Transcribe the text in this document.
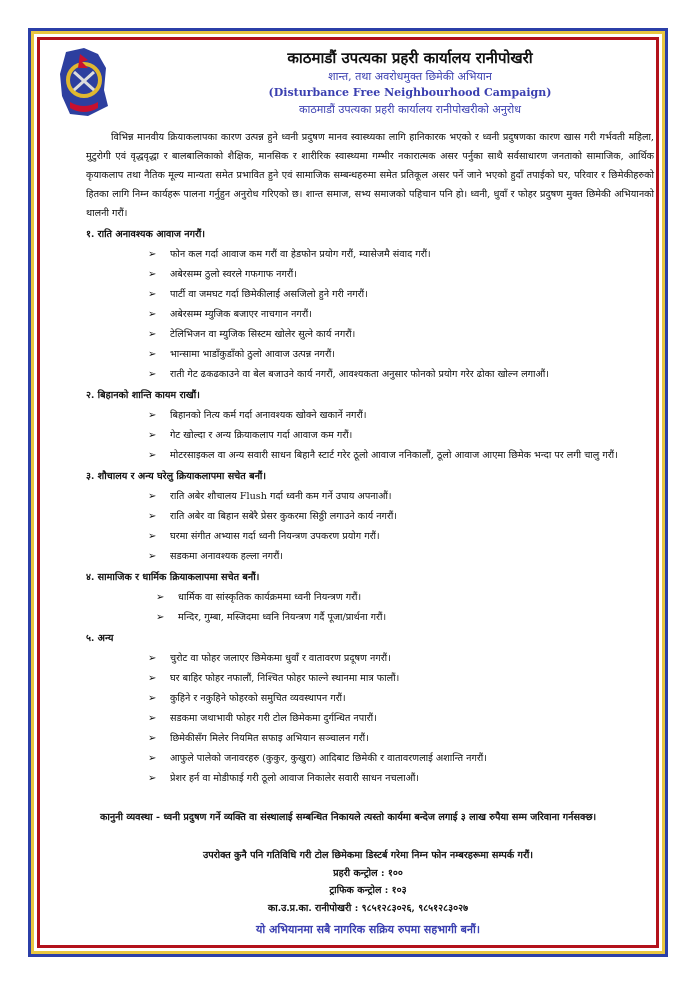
काठमाडौं उपत्यका प्रहरी कार्यालय रानीपोखरी
शान्त, तथा अवरोधमुक्त छिमेकी अभियान
(Disturbance Free Neighbourhood Campaign)
काठमाडौं उपत्यका प्रहरी कार्यालय रानीपोखरीको अनुरोध
विभिन्न मानवीय क्रियाकलापका कारण उत्पन्न हुने ध्वनी प्रदुषण मानव स्वास्थ्यका लागि हानिकारक भएको र ध्वनी प्रदुषणका कारण खास गरी गर्भवती महिला, मुटुरोगी एवं वृद्धवृद्धा र बालबालिकाको शैक्षिक, मानसिक र शारीरिक स्वास्थ्यमा गम्भीर नकारात्मक असर पर्नुका साथै सर्वसाधारण जनताको सामाजिक, आर्थिक कृयाकलाप तथा नैतिक मूल्य मान्यता समेत प्रभावित हुने एवं सामाजिक सम्बन्धहरुमा समेत प्रतिकूल असर पर्ने जाने भएको हुदाँ तपाईको घर, परिवार र छिमेकीहरुको हितका लागि निम्न कार्यहरू पालना गर्नुहुन अनुरोध गरिएको छ। शान्त समाज, सभ्य समाजको पहिचान पनि हो। ध्वनी, धुवाँ र फोहर प्रदुषण मुक्त छिमेकी अभियानको थालनी गरौं।
१. राति अनावश्यक आवाज नगरौं।
➢	फोन कल गर्दा आवाज कम गरौं वा हेडफोन प्रयोग गरौं, म्यासेजमै संवाद गरौं।
➢	अबेरसम्म ठुलो स्वरले गफगाफ नगरौं।
➢	पार्टी वा जमघट गर्दा छिमेकीलाई असजिलो हुने गरी नगरौं।
➢	अबेरसम्म म्युजिक बजाएर नाचगान नगरौं।
➢	टेलिभिजन वा म्युजिक सिस्टम खोलेर सुत्ने कार्य नगरौं।
➢	भान्सामा भाडाँकुडाँको ठुलो आवाज उत्पन्न नगरौं।
➢	राती गेट ढकढकाउने वा बेल बजाउने कार्य नगरौं, आवश्यकता अनुसार फोनको प्रयोग गरेर ढोका खोल्न लगाऔं।
२. बिहानको शान्ति कायम राखौं।
➢	बिहानको नित्य कर्म गर्दा अनावश्यक खोक्ने खकार्ने नगरौं।
➢	गेट खोल्दा र अन्य क्रियाकलाप गर्दा आवाज कम गरौं।
➢	मोटरसाइकल वा अन्य सवारी साधन बिहानै स्टार्ट गरेर ठूलो आवाज ननिकालौं, ठूलो आवाज आएमा छिमेक भन्दा पर लगी चालु गरौं।
३. शौचालय र अन्य घरेलु क्रियाकलापमा सचेत बनौं।
➢	राति अबेर शौचालय Flush गर्दा ध्वनी कम गर्ने उपाय अपनाऔं।
➢	राति अबेर वा बिहान सबेरै प्रेसर कुकरमा सिठ्ठी लगाउने कार्य नगरौं।
➢	घरमा संगीत अभ्यास गर्दा ध्वनी नियन्त्रण उपकरण प्रयोग गरौं।
➢	सडकमा अनावश्यक हल्ला नगरौं।
४. सामाजिक र धार्मिक क्रियाकलापमा सचेत बनौं।
➢	धार्मिक वा सांस्कृतिक कार्यक्रममा ध्वनी नियन्त्रण गरौं।
➢	मन्दिर, गुम्बा, मस्जिदमा ध्वनि नियन्त्रण गर्दै पूजा/प्रार्थना गरौं।
५. अन्य
➢	चुरोट वा फोहर जलाएर छिमेकमा धुवाँ र वातावरण प्रदूषण नगरौं।
➢	घर बाहिर फोहर नफालौं, निश्चित फोहर फाल्ने स्थानमा मात्र फालौं।
➢	कुहिने र नकुहिने फोहरको समुचित व्यवस्थापन गरौं।
➢	सडकमा जथाभावी फोहर गरी टोल छिमेकमा दुर्गन्धित नपारौं।
➢	छिमेकीसँग मिलेर नियमित सफाइ अभियान सञ्चालन गरौं।
➢	आफुले पालेको जनावरहरु (कुकुर, कुखुरा) आदिबाट छिमेकी र वातावरणलाई अशान्ति नगरौं।
➢	प्रेशर हर्न वा मोडीफाई गरी ठूलो आवाज निकालेर सवारी साधन नचलाऔं।
कानुनी व्यवस्था - ध्वनी प्रदुषण गर्ने व्यक्ति वा संस्थालाई सम्बन्धित निकायले त्यस्तो कार्यमा बन्देज लगाई ३ लाख रुपैया सम्म जरिवाना गर्नसक्छ।
उपरोक्त कुनै पनि गतिविधि गरी टोल छिमेकमा डिस्टर्ब गरेमा निम्न फोन नम्बरहरूमा सम्पर्क गरौं।
प्रहरी कन्ट्रोल : १००
ट्राफिक कन्ट्रोल : १०३
का.उ.प्र.का. रानीपोखरी : ९८५१२८३०२६, ९८५१२८३०२७
यो अभियानमा सबै नागरिक सक्रिय रुपमा सहभागी बनौं।
